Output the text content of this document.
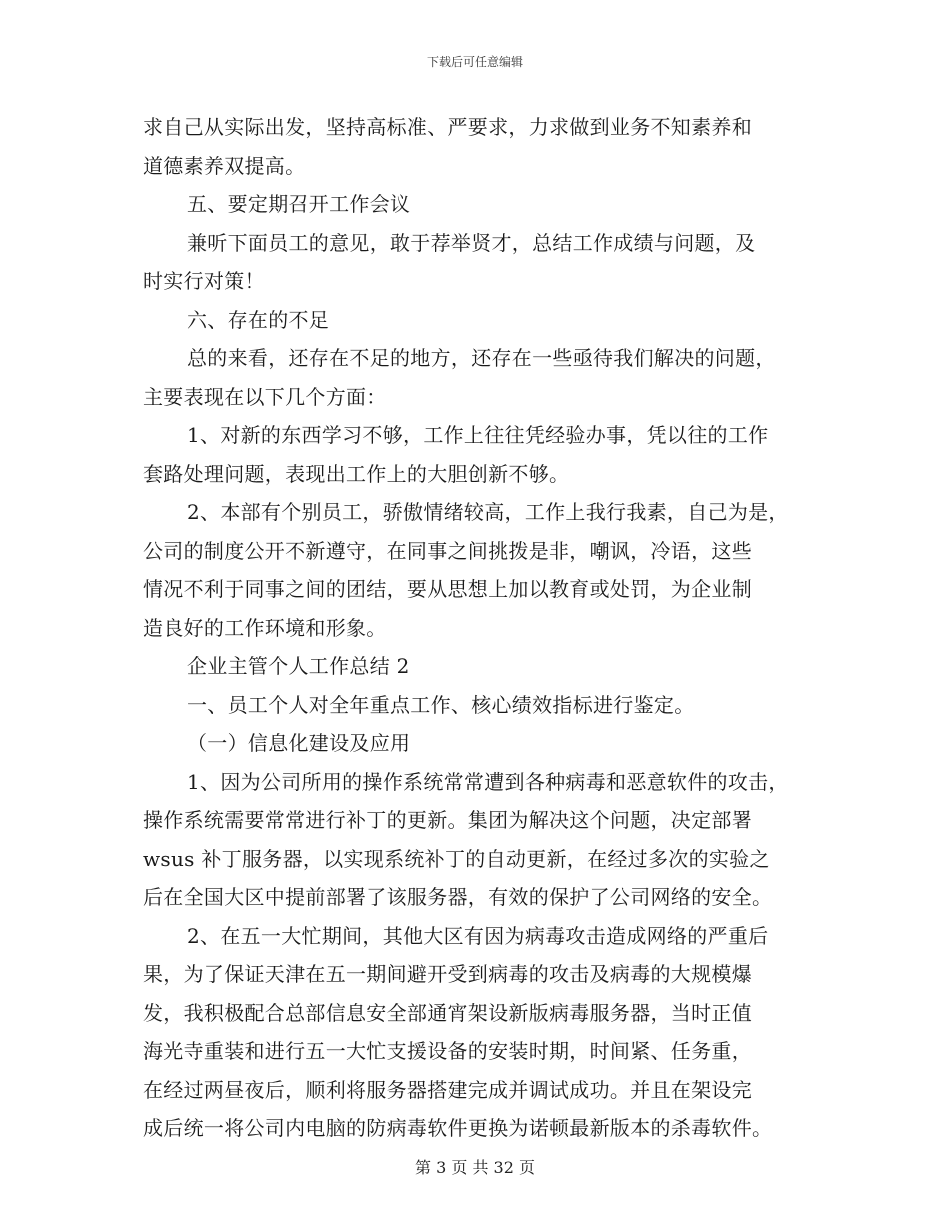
下载后可任意编辑
求自己从实际出发，坚持高标准、严要求，力求做到业务不知素养和
道德素养双提高。
五、要定期召开工作会议
兼听下面员工的意见，敢于荐举贤才，总结工作成绩与问题，及
时实行对策！
六、存在的不足
总的来看，还存在不足的地方，还存在一些亟待我们解决的问题，
主要表现在以下几个方面：
1、对新的东西学习不够，工作上往往凭经验办事，凭以往的工作
套路处理问题，表现出工作上的大胆创新不够。
2、本部有个别员工，骄傲情绪较高，工作上我行我素，自己为是，
公司的制度公开不新遵守，在同事之间挑拨是非，嘲讽，冷语，这些
情况不利于同事之间的团结，要从思想上加以教育或处罚，为企业制
造良好的工作环境和形象。
企业主管个人工作总结 2
一、员工个人对全年重点工作、核心绩效指标进行鉴定。
（一）信息化建设及应用
1、因为公司所用的操作系统常常遭到各种病毒和恶意软件的攻击，
操作系统需要常常进行补丁的更新。集团为解决这个问题，决定部署
wsus 补丁服务器，以实现系统补丁的自动更新，在经过多次的实验之
后在全国大区中提前部署了该服务器，有效的保护了公司网络的安全。
2、在五一大忙期间，其他大区有因为病毒攻击造成网络的严重后
果，为了保证天津在五一期间避开受到病毒的攻击及病毒的大规模爆
发，我积极配合总部信息安全部通宵架设新版病毒服务器，当时正值
海光寺重装和进行五一大忙支援设备的安装时期，时间紧、任务重，
在经过两昼夜后，顺利将服务器搭建完成并调试成功。并且在架设完
成后统一将公司内电脑的防病毒软件更换为诺顿最新版本的杀毒软件。
第 3 页 共 32 页
